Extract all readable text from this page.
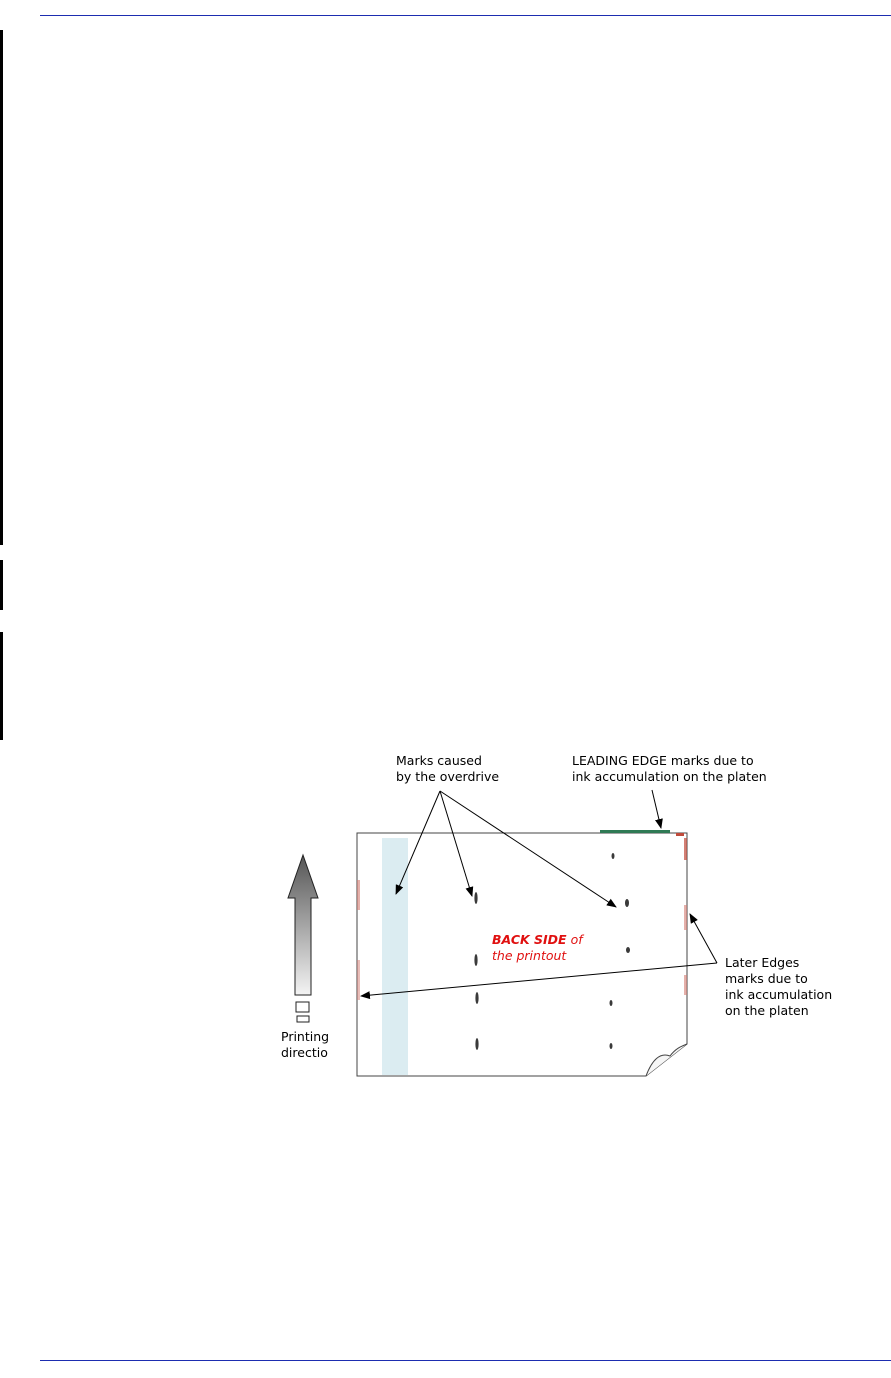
Marks caused
by the overdrive
LEADING EDGE marks due to
ink accumulation on the platen
Later Edges
marks due to
ink accumulation
on the platen
Printing
directio
BACK SIDE of
the printout
